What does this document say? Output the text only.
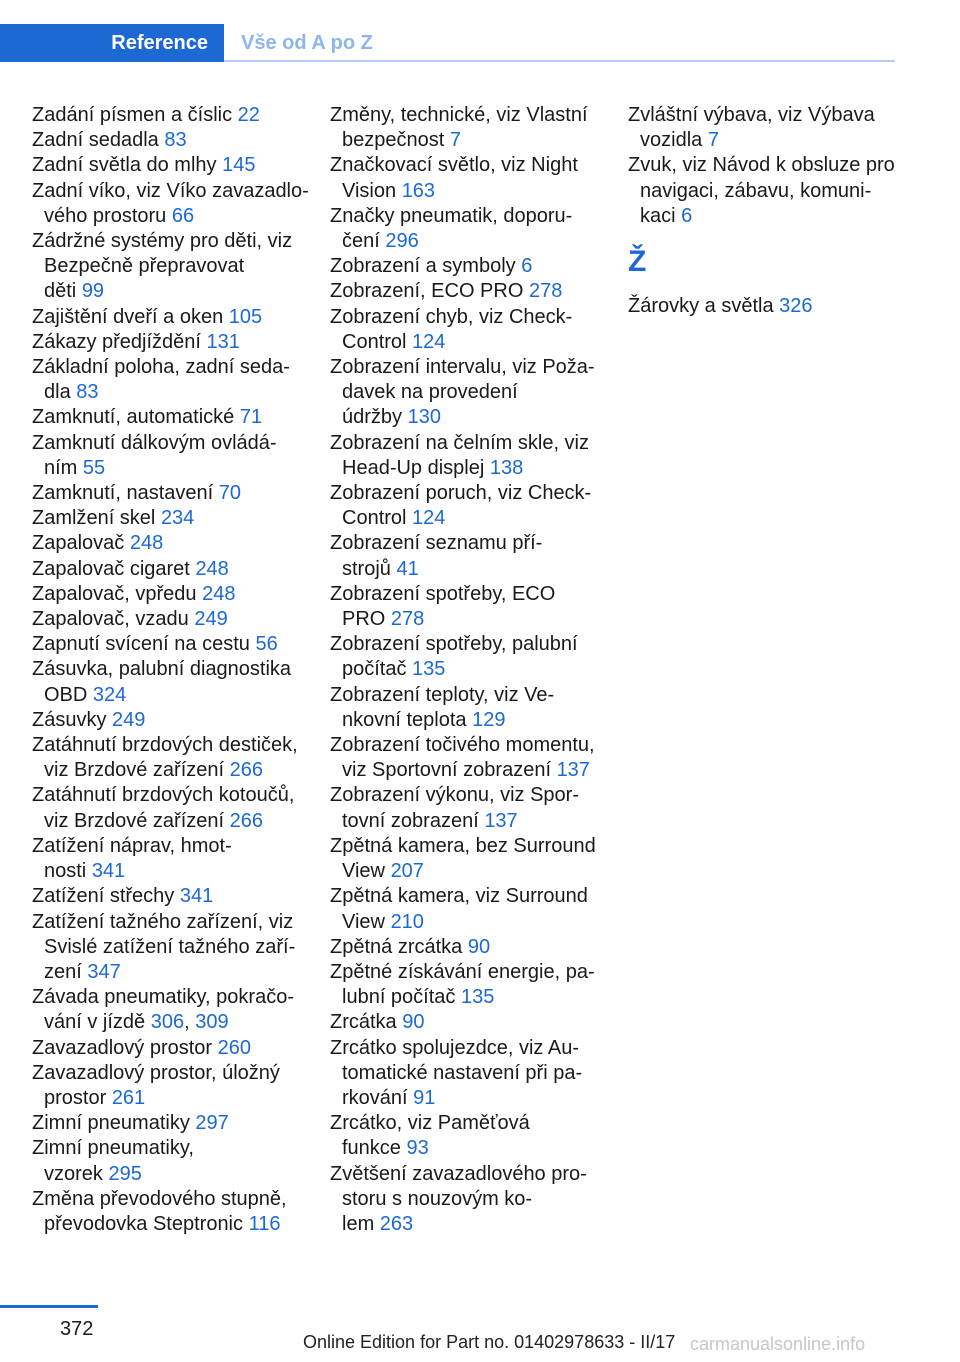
Reference	Vše od A po Z

Zadání písmen a číslic 22

Zadní sedadla 83

Zadní světla do mlhy 145

Zadní víko, viz Víko zavazadlo-
vého prostoru 66

Zádržné systémy pro děti, viz
Bezpečně přepravovat
děti 99

Zajištění dveří a oken 105

Zákazy předjíždění 131

Základní poloha, zadní seda-
dla 83

Zamknutí, automatické 71

Zamknutí dálkovým ovládá-
ním 55

Zamknutí, nastavení 70

Zamlžení skel 234

Zapalovač 248

Zapalovač cigaret 248

Zapalovač, vpředu 248

Zapalovač, vzadu 249

Zapnutí svícení na cestu 56

Zásuvka, palubní diagnostika
OBD 324

Zásuvky 249

Zatáhnutí brzdových destiček,
viz Brzdové zařízení 266

Zatáhnutí brzdových kotoučů,
viz Brzdové zařízení 266

Zatížení náprav, hmot-
nosti 341

Zatížení střechy 341

Zatížení tažného zařízení, viz
Svislé zatížení tažného zaří-
zení 347

Závada pneumatiky, pokračo-
vání v jízdě 306, 309

Zavazadlový prostor 260

Zavazadlový prostor, úložný
prostor 261

Zimní pneumatiky 297

Zimní pneumatiky,
vzorek 295

Změna převodového stupně,
převodovka Steptronic 116

Změny, technické, viz Vlastní
bezpečnost 7

Značkovací světlo, viz Night
Vision 163

Značky pneumatik, doporu-
čení 296

Zobrazení a symboly 6

Zobrazení, ECO PRO 278

Zobrazení chyb, viz Check-
Control 124

Zobrazení intervalu, viz Poža-
davek na provedení
údržby 130

Zobrazení na čelním skle, viz
Head-Up displej 138

Zobrazení poruch, viz Check-
Control 124

Zobrazení seznamu pří-
strojů 41

Zobrazení spotřeby, ECO
PRO 278

Zobrazení spotřeby, palubní
počítač 135

Zobrazení teploty, viz Ve-
nkovní teplota 129

Zobrazení točivého momentu,
viz Sportovní zobrazení 137

Zobrazení výkonu, viz Spor-
tovní zobrazení 137

Zpětná kamera, bez Surround
View 207

Zpětná kamera, viz Surround
View 210

Zpětná zrcátka 90

Zpětné získávání energie, pa-
lubní počítač 135

Zrcátka 90

Zrcátko spolujezdce, viz Au-
tomatické nastavení při pa-
rkování 91

Zrcátko, viz Paměťová
funkce 93

Zvětšení zavazadlového pro-
storu s nouzovým ko-
lem 263

Zvláštní výbava, viz Výbava
vozidla 7

Zvuk, viz Návod k obsluze pro
navigaci, zábavu, komuni-
kaci 6

Ž

Žárovky a světla 326

372
Online Edition for Part no. 01402978633 - II/17 carmanualsonline.info
